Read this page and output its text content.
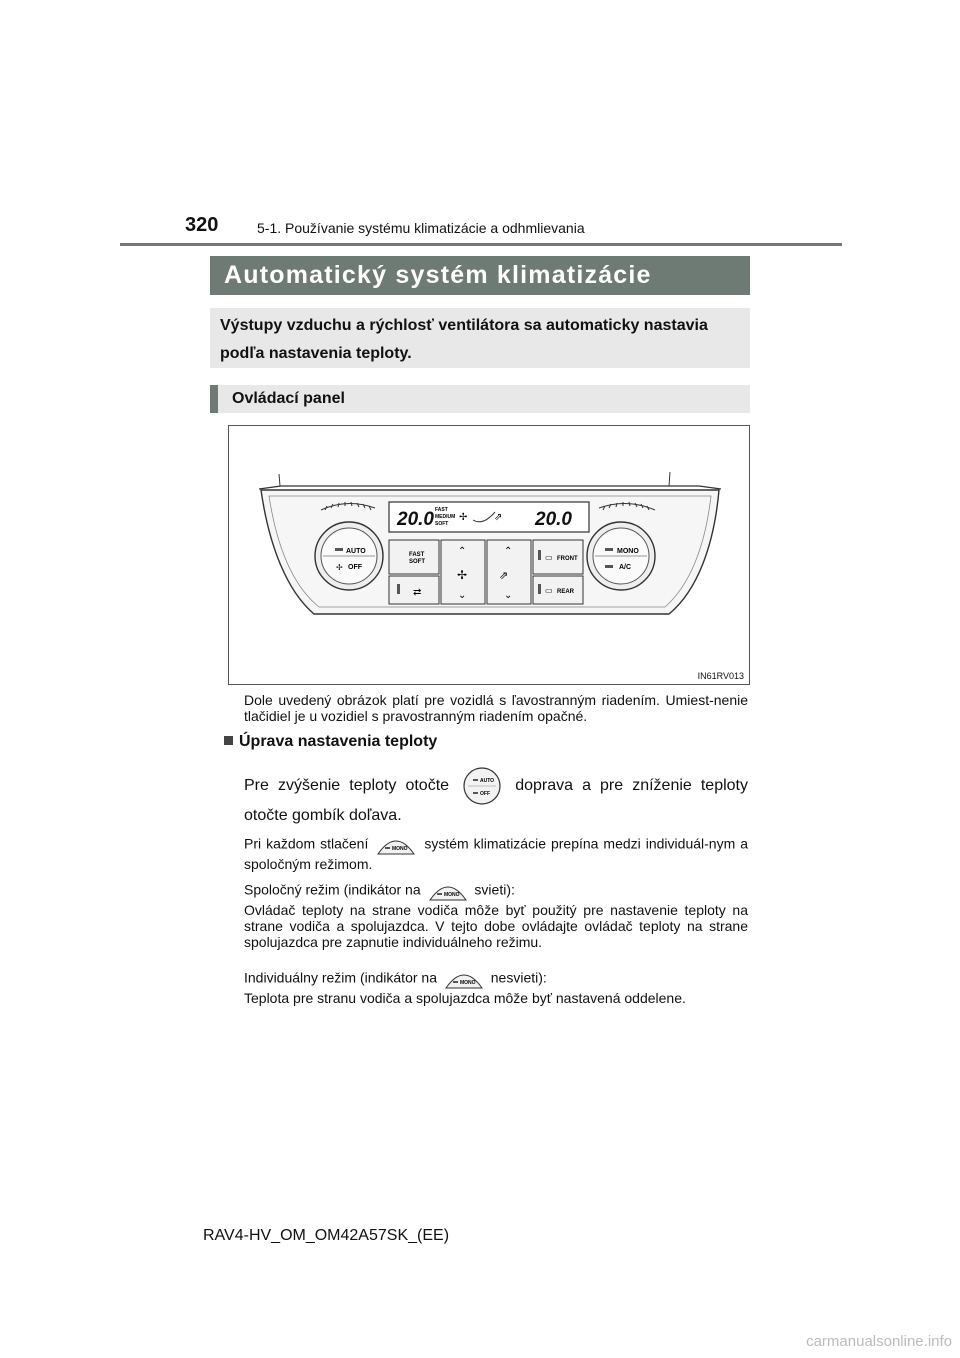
320	5-1. Používanie systému klimatizácie a odhmlievania
Automatický systém klimatizácie
Výstupy vzduchu a rýchlosť ventilátora sa automaticky nastavia podľa nastavenia teploty.
Ovládací panel
20.0 FAST
MEDIUM
SOFT
✢	⇗ 20.0
AUTO
✢ OFF
MONO
A/C
FAST
SOFT
⇄
⌃
✢
⌄
⌃
⇗
⌄
▭ FRONT
▭ REAR
IN61RV013
Dole uvedený obrázok platí pre vozidlá s ľavostranným riadením. Umiest-nenie tlačidiel je u vozidiel s pravostranným riadením opačné.
Úprava nastavenia teploty
Pre zvýšenie teploty otočte	AUTO
OFF doprava a pre zníženie teploty otočte gombík doľava.
Pri každom stlačení	MONO systém klimatizácie prepína medzi individuál-nym a spoločným režimom.
Spoločný režim (indikátor na	MONO svieti):
Ovládač teploty na strane vodiča môže byť použitý pre nastavenie teploty na strane vodiča a spolujazdca. V tejto dobe ovládajte ovládač teploty na strane spolujazdca pre zapnutie individuálneho režimu.
Individuálny režim (indikátor na	MONO nesvieti):
Teplota pre stranu vodiča a spolujazdca môže byť nastavená oddelene.
RAV4-HV_OM_OM42A57SK_(EE)
carmanualsonline.info
